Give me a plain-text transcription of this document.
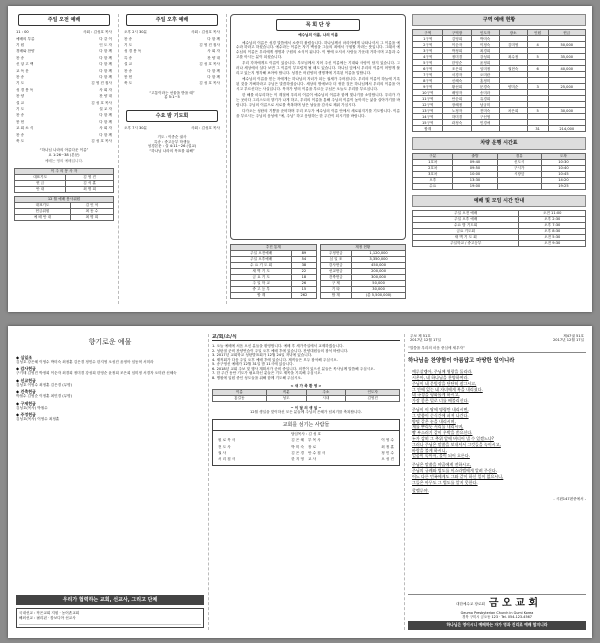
주일 오전 예배
11 : 00	사회 : 김성호 목사
예배의 부름	다 같 이
기 원	인 도 자
경배와 찬양	다 함 께
찬 송	다 함 께
신 앙 고 백	다 함 께
교 독 문	다 함 께
찬 송	다 함 께
기 도	김 영 진 집사
성 경 봉 독	사 회 자
찬 양	찬 양 대
설 교	김 성 호 목사
기 도	설 교 자
찬 송	다 함 께
봉 헌	다 함 께
교 회 소 식	사 회 자
찬 송	다 함 께
축 도	김 성 호 목사
“하나님 나라의 아름다운 이름”
요 1:26~38 (본문)
예배는 영의 예배입니다.
이 주 의 봉 사 자	
대표기도	김 영 진
헌 금	김 석 훈
안 내	최 명 희
12 월 예배 봉사위원	
대표기도	김 인 석
헌금위원	최 동 수
예 배 안 내	최 명 희
주일 오후 예배
오후 2시 30분	사회 : 김성호 목사
찬 송	다 함 께
기 도	김 영 진 집사
성 경 봉 독	사 회 자
특 송	찬 양 대
설 교	김 성 호 목사
찬 송	다 함 께
봉 헌	다 함 께
축 도	김 성 호 목사
“고통이라는 선물을 받을 때”
롬 5:1~5
수요 밤 기도회
오후 7시 30분	사회 : 김성호 목사
기도 : 이종순 권사
특송 : 중고등부 학생들
성경본문 : 살 4:11~26 (설교)
“하나님 나라의 목표를 위해”
목 회 단 상
예수님의 이름, 나의 이름

예수님의 이름은 성경 말씀에서 소중히 불렸습니다. 하나님께서 마리아에게 나타나셔서 그 이름을 예수라 하라고 하셨습니다. 예수라는 이름은 자기 백성을 그들의 죄에서 구원할 자라는 뜻입니다. 그래서 예수님의 이름은 우리에게 생명과 구원의 소식이 됩니다. 이 땅에 오셔서 사람들 가운데 거하시며 고통과 수고를 아시는 분이 되셨습니다.

우리 각자에게도 이름이 있습니다. 부모님께서 지어 주신 이름에는 기대와 사랑이 담겨 있습니다. 그러나 세상에서 살다 보면 그 이름이 부끄럽게 될 때도 있습니다. 하나님 앞에서 우리의 이름이 어떻게 불리고 있는지 생각해 보아야 합니다. 성경은 어린양의 생명책에 기록된 이름을 말합니다.

예수님의 이름을 믿는 자에게는 하나님의 자녀가 되는 권세가 주어집니다. 우리의 이름이 하늘에 기록된 것을 기뻐하라고 주님은 말씀하셨습니다. 세상의 명예보다 더 귀한 것은 하나님께서 우리의 이름을 아시고 부르신다는 사실입니다. 목자가 양의 이름을 부르듯 주님은 오늘도 우리를 부르십니다.

한 해를 마무리하는 이 계절에 우리의 이름이 예수님의 이름과 함께 빛나기를 소망합니다. 우리가 가는 곳마다 그리스도의 향기가 나게 하고, 우리의 이름을 통해 주님의 이름이 높아지는 삶을 살아가기를 바랍니다. 주님의 이름으로 서로를 축복하며 남은 날들을 감사로 채워 가십시다.

다가오는 성탄의 기쁨을 준비하며 우리 모두가 예수님의 이름 안에서 새로워지기를 기도합니다. 이름을 부르시는 주님의 음성에 “예, 주님” 하고 응답하는 한 주간이 되시기를 바랍니다.

추진 통계	
주일 오전예배	89
주일 오후예배	54
수 요 기 도 회	38
새 벽 기 도	22
금 요 기 도	18
주 일 학 교	26
중 고 등 부	15
합 계	262
재정 현황	
주정헌금	1,120,000
십 일 조	3,350,000
감사헌금	450,000
선교헌금	200,000
건축헌금	300,000
구 제	50,000
기 타	30,000
합 계	(총 5,500,000)
구역 예배 현황
구역	구역장	인도자	장소	인원	헌금
1구역	김영희	박미숙			
2구역	이순자	이정숙	김미영	4	50,000
3구역	박정희	최경희			
4구역	정미경	강성희	최수정	5	35,000
5구역	한영순	윤정희			
6구역	조은희	임미정	권현숙	6	40,000
7구역	서경자	오미란			
8구역	신혜숙	홍정미			
9구역	황선희	문경숙	양미순	3	25,000
10구역	배영자	송미라			
11구역	안순희	유경희			
12구역	장혜정	남궁미			
13구역	노정자	전미숙	차은희	5	30,000
14구역	하미경	구선영			
15구역	곽정숙	민경애			
합계				31	214,000
차량 운행 시간표
구분	출발	경유	도착
1호차	09:40	신도시	10:30
2호차	09:50	구시가	10:40
3호차	10:00	시장앞	10:45
오후	13:30		14:20
수요	19:00		19:25
예배 및 모임 시간 안내
주일 오전 예배	오전 11:00
주일 오후 예배	오후 2:30
수요 밤 기도회	오후 7:30
금요 기도회	오후 8:30
새 벽 기 도 회	오전 5:30
주일학교 / 중고등부	오전 9:30
향기로운 예물
◆ 십일조
김성호 강은혜 이영수 박미숙 최정훈 김은경 정민수 한지영 오성진 윤정아 임동혁 서미라
◆ 감사헌금
구기태 김영진 박정희 이순자 최경희 정미경 강성희 한영순 윤정희 조은희 임미정 서경자 오미란 신혜숙
◆ 선교헌금
김성호 이영수 최정훈 김은경 (무명)
◆ 건축헌금
박철수 김영순 이정훈 최민경 (무명)
◆ 구제헌금
김성호(목사) 박철수
◆ 주정헌금
김성호(목사) 이영수 최정훈
우리가 협력하는 교회, 선교사, 그리고 단체
국내선교 : 작은교회 지원 · 농어촌교회
해외선교 : 필리핀 · 캄보디아 선교사
교/회/소/식
1. 오늘 예배에 처음 오신 분들을 환영합니다. 예배 후 새가족실에서 교제하겠습니다.
2. 성탄절 준비 찬양연습이 주일 오후 예배 후에 있습니다. 찬양대원들의 참석 바랍니다.
3. 2017년 교회학교 성탄발표회가 12월 24일 저녁에 있습니다.
4. 제직회가 다음 주일 오후 예배 후에 있습니다. 제직들은 모두 참석해 주십시오.
5. 송구영신 예배가 12월 31일 밤 11시에 있습니다.
6. 2018년 교회 주보 및 행사 계획서가 준비 중입니다. 의견이 있으신 분들은 목사님께 말씀해 주십시오.
7. 한 주간 동안 기도가 필요하신 분들은 기도 제목을 기록해 주십시오.
8. 병원에 입원 중인 성도들을 위해 함께 기도해 주십시오.
< 새 가 족 환 영 >
이름	직분	주소	인도자
홍길동	성도	시내	김영진
~ 이 달 의 생 일 ~
12월 생일을 맞이하신 모든 분들께 주님의 은혜가 넘치기를 축복합니다.
교회를 섬기는 사람들
담임목사 : 김 성 호
원 로 목 사	김 은 혜 부 목 사	이 영 수
전 도 사	박 미 숙 장 로	최 정 훈
권 사	김 은 경 안 수 집 사	정 민 수
서 리 집 사	한 지 영 교 사	오 성 진
주보 제 51호	제47권 51호
2017년 12월 17일	2017년 12월 17일
“말씀을 우리의 마음 중심에 세우자”
하나님을 찬양함이 아름답고 마땅한 일이니라
예루살렘아, 주님께 영광을 돌리라.
시온아, 네 하나님을 찬양하여라.
주님이 네 문빗장을 단단히 잠그시고,
그 안에 있는 네 자녀에게 복을 내리셨다.
네 국경을 평화롭게 하시고,
가장 좋은 밀로 너를 배불리신다.
주님이 이 땅에 명령만 내리시면,
그 말씀이 순식간에 퍼져 나간다.
양털 같은 눈을 내리시며,
재를 뿌리듯 서리를 내리시며,
빵 부스러기 같이 우박을 쏟으신다.
누가 감히 그 추위 앞에 버티어 낼 수 있겠느냐?
그러나 주님은 말씀을 보내셔서 그것들을 녹이시고,
바람을 불게 하시니,
얼음이 녹아서, 물이 되어 흐른다.
주님은 말씀을 야곱에게 전하시고,
주님의 규례와 법도를 이스라엘에게 알려 주신다.
어느 다른 민족에게도 그와 같이 하신 일이 없으시니,
그들은 아무도 그 법도를 알지 못한다.
할렐루야.
- 시편147편중에서 -
대한예수교 장로회 금 오 교 회
Geumo Presbyterian Church in Gumi Korea
경북 구미시 금오동 123 · Tel. 054-123-4567
하나님은 영이시니 예배하는 자가 영과 진리로 예배 할지니라
